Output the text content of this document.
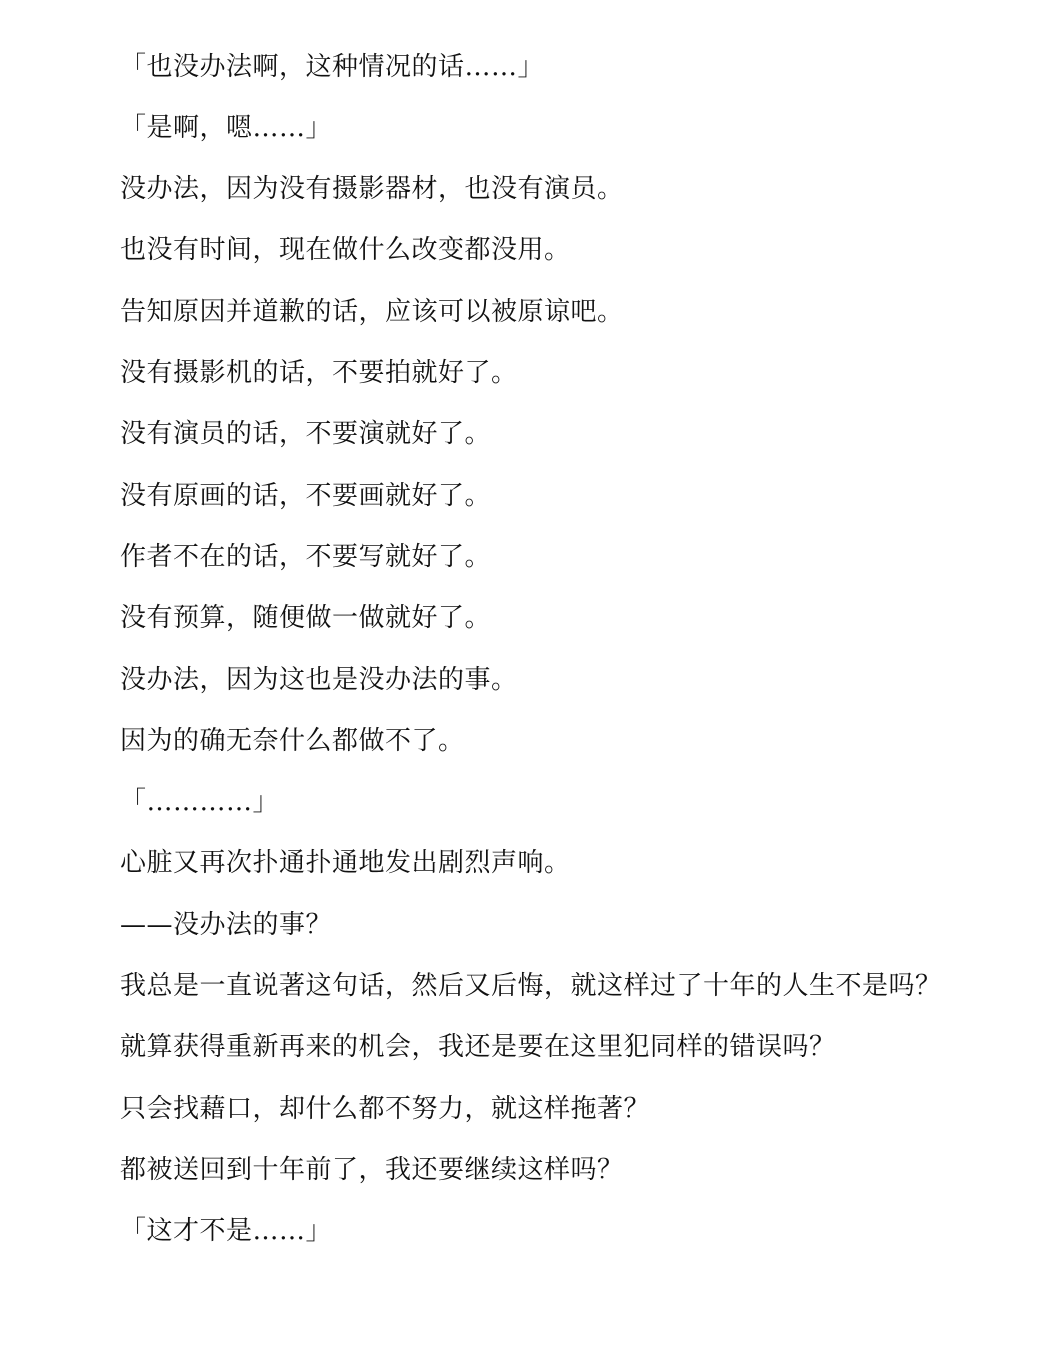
「也没办法啊，这种情况的话……」

「是啊，嗯……」

没办法，因为没有摄影器材，也没有演员。

也没有时间，现在做什么改变都没用。

告知原因并道歉的话，应该可以被原谅吧。

没有摄影机的话，不要拍就好了。

没有演员的话，不要演就好了。

没有原画的话，不要画就好了。

作者不在的话，不要写就好了。

没有预算，随便做一做就好了。

没办法，因为这也是没办法的事。

因为的确无奈什么都做不了。

「…………」

心脏又再次扑通扑通地发出剧烈声响。

——没办法的事？

我总是一直说著这句话，然后又后悔，就这样过了十年的人生不是吗？

就算获得重新再来的机会，我还是要在这里犯同样的错误吗？

只会找藉口，却什么都不努力，就这样拖著？

都被送回到十年前了，我还要继续这样吗？

「这才不是……」
